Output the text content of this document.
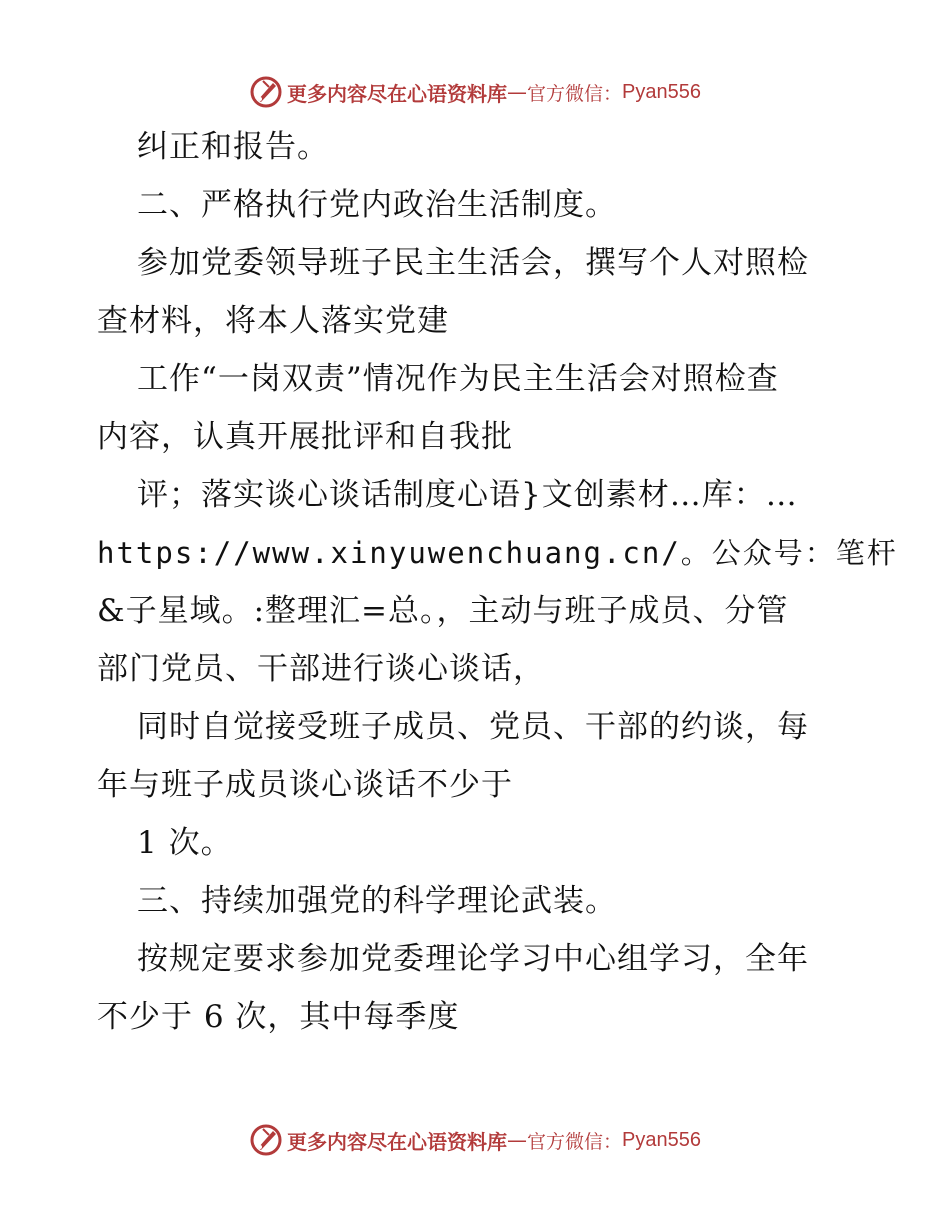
更多内容尽在心语资料库 — 官方微信： Pyan556
纠正和报告。
二、严格执行党内政治生活制度。
参加党委领导班子民主生活会，撰写个人对照检
查材料，将本人落实党建
工作“一岗双责”情况作为民主生活会对照检查
内容，认真开展批评和自我批
评；落实谈心谈话制度心语}文创素材…库：…
https://www.xinyuwenchuang.cn/。公众号：笔杆
&子星域。:整理汇=总。，主动与班子成员、分管
部门党员、干部进行谈心谈话，
同时自觉接受班子成员、党员、干部的约谈，每
年与班子成员谈心谈话不少于
1 次。
三、持续加强党的科学理论武装。
按规定要求参加党委理论学习中心组学习，全年
不少于 6 次，其中每季度
更多内容尽在心语资料库 — 官方微信： Pyan556
